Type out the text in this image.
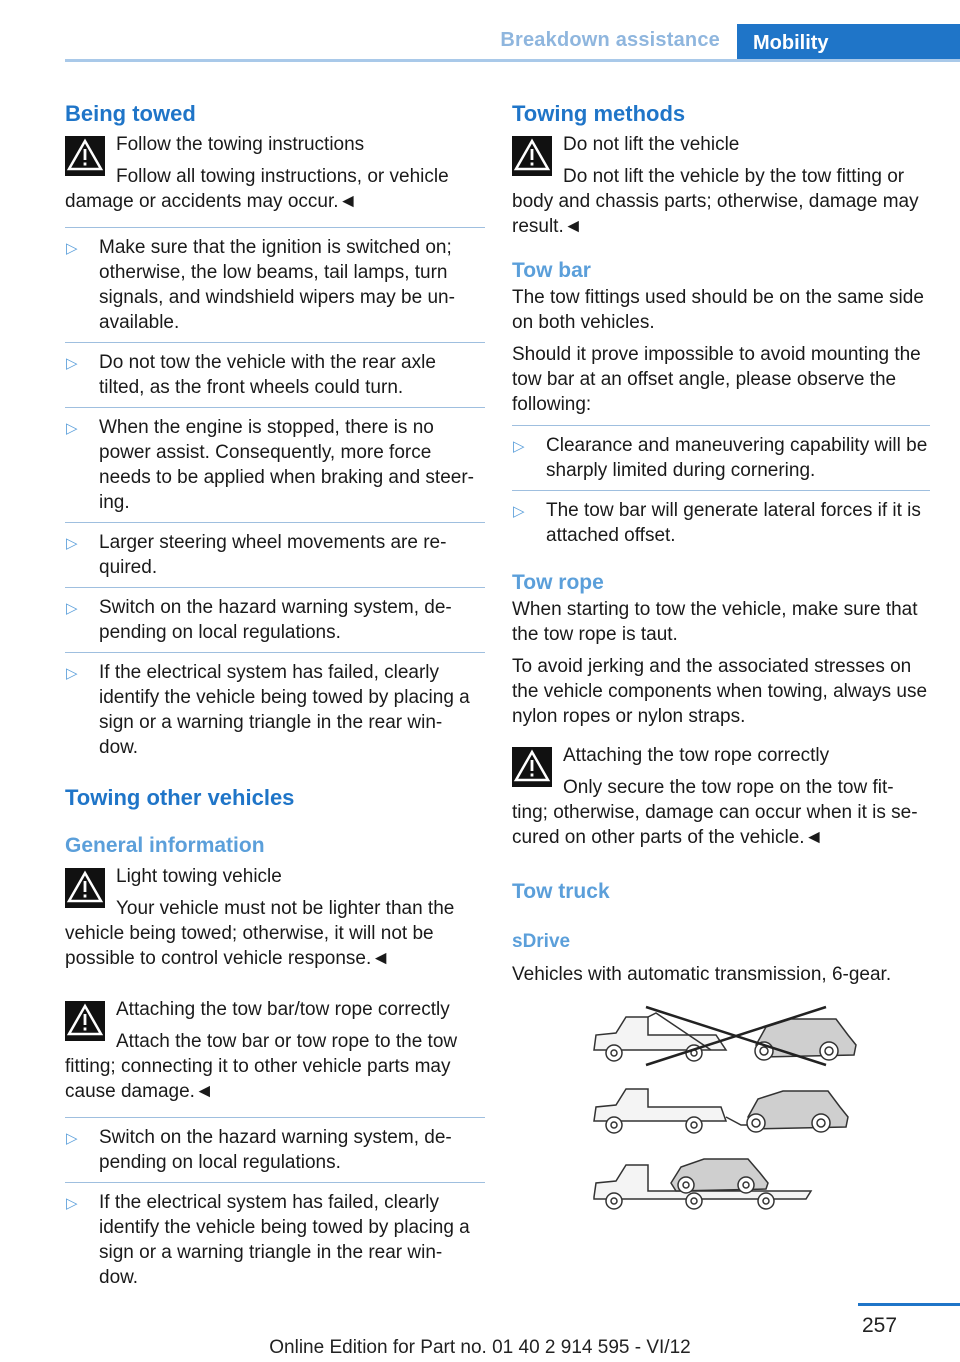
Breakdown assistance	Mobility
Being towed

Follow the towing instructions

Follow all towing instructions, or vehicle damage or accidents may occur.◄

▷ Make sure that the ignition is switched on; otherwise, the low beams, tail lamps, turn signals, and windshield wipers may be un‐ available.
▷ Do not tow the vehicle with the rear axle tilted, as the front wheels could turn.
▷ When the engine is stopped, there is no power assist. Consequently, more force needs to be applied when braking and steer‐ ing.
▷ Larger steering wheel movements are re‐ quired.
▷ Switch on the hazard warning system, de‐ pending on local regulations.
▷ If the electrical system has failed, clearly identify the vehicle being towed by placing a sign or a warning triangle in the rear win‐ dow.
Towing other vehicles
General information

Light towing vehicle

Your vehicle must not be lighter than the vehicle being towed; otherwise, it will not be possible to control vehicle response.◄

Attaching the tow bar/tow rope correctly

Attach the tow bar or tow rope to the tow fitting; connecting it to other vehicle parts may cause damage.◄

▷ Switch on the hazard warning system, de‐ pending on local regulations.
▷ If the electrical system has failed, clearly identify the vehicle being towed by placing a sign or a warning triangle in the rear win‐ dow.
Towing methods

Do not lift the vehicle

Do not lift the vehicle by the tow fitting or body and chassis parts; otherwise, damage may result.◄

Tow bar

The tow fittings used should be on the same side on both vehicles.

Should it prove impossible to avoid mounting the tow bar at an offset angle, please observe the following:

▷ Clearance and maneuvering capability will be sharply limited during cornering.
▷ The tow bar will generate lateral forces if it is attached offset.
Tow rope

When starting to tow the vehicle, make sure that the tow rope is taut.

To avoid jerking and the associated stresses on the vehicle components when towing, always use nylon ropes or nylon straps.

Attaching the tow rope correctly

Only secure the tow rope on the tow fit‐ ting; otherwise, damage can occur when it is se‐ cured on other parts of the vehicle.◄

Tow truck
sDrive

Vehicles with automatic transmission, 6-gear.

257
Online Edition for Part no. 01 40 2 914 595 - VI/12
